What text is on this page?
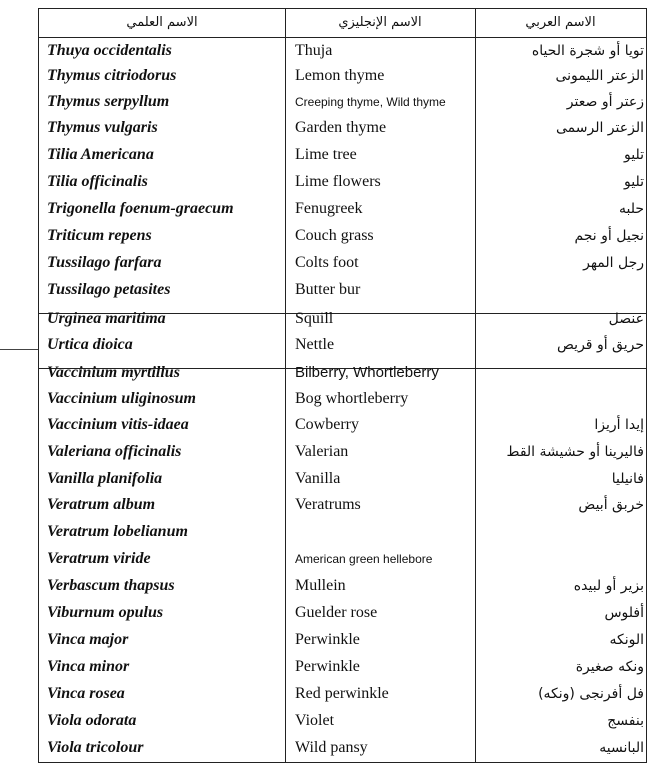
الاسم العلمي	الاسم الإنجليزي	الاسم العربي
Thuya occidentalis	Thuja	تويا أو شجرة الحياه
Thymus citriodorus	Lemon thyme	الزعتر الليمونى
Thymus serpyllum	Creeping thyme, Wild thyme	زعتر أو صعتر
Thymus vulgaris	Garden thyme	الزعتر الرسمى
Tilia Americana	Lime tree	تليو
Tilia officinalis	Lime flowers	تليو
Trigonella foenum-graecum	Fenugreek	حلبه
Triticum repens	Couch grass	نجيل أو نجم
Tussilago farfara	Colts foot	رجل المهر
Tussilago petasites	Butter bur
Urginea maritima	Squill	عنصل
Urtica dioica	Nettle	حريق أو قريص
Vaccinium myrtillus	Bilberry, Whortleberry
Vaccinium uliginosum	Bog whortleberry
Vaccinium vitis-idaea	Cowberry	إيدا أريزا
Valeriana officinalis	Valerian	فاليرينا أو حشيشة القط
Vanilla planifolia	Vanilla	فانيليا
Veratrum album	Veratrums	خربق أبيض
Veratrum lobelianum
Veratrum viride	American green hellebore
Verbascum thapsus	Mullein	بزير أو لبيده
Viburnum opulus	Guelder rose	أفلوس
Vinca major	Perwinkle	الونكه
Vinca minor	Perwinkle	ونكه صغيرة
Vinca rosea	Red perwinkle	فل أفرنجى (ونكه)
Viola odorata	Violet	بنفسج
Viola tricolour	Wild pansy	البانسيه
